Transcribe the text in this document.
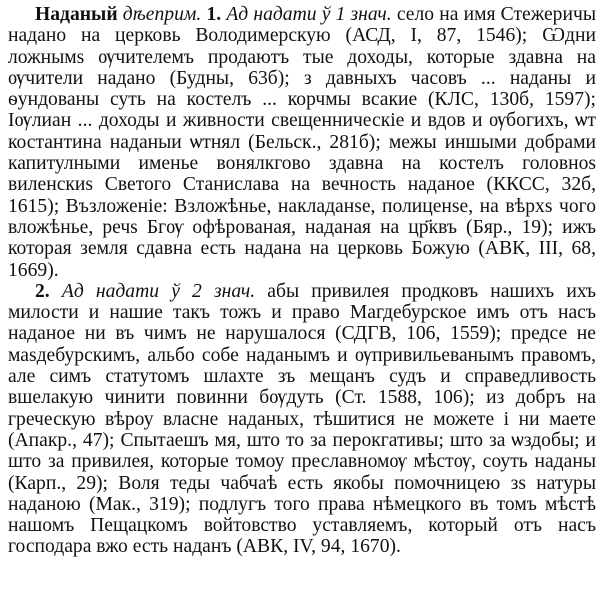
Наданый дѣеприм. 1. Ад надати ў 1 знач. село на имя Стежеричы надано на церковь Володимерскую (АСД, I, 87, 1546); Ѡдни ложнымѕ ѹчителемъ продаютъ тые доходы, которые здавна на ѹчители надано (Будны, 63б); з давныхъ часовъ ... наданы и ѳундованы суть на костелъ ... корчмы всакие (КЛС, 130б, 1597); Іѹлиан ... доходы и живности свещенническіе и вдов и ѹбогихъ, ѡт костантина наданыи ѡтнял (Бельск., 281б); межы иншыми добрами капитулными именье вонялкгово здавна на костелъ головноѕ виленскиѕ Светого Станислава на вечность наданое (ККСС, 32б, 1615); Възложеніе: Взложѣнье, накладанѕе, полиценѕе, на вѣрхѕ чого вложѣнье, речѕ Бгѹ офѣрованая, наданая на цр҃квъ (Бяр., 19); ижъ которая земля сдавна есть надана на церковь Божую (АВК, III, 68, 1669).

2. Ад надати ў 2 знач. абы привилея продковъ нашихъ ихъ милости и нашие такъ тожъ и право Магдебурское имъ отъ насъ наданое ни въ чимъ не нарушалося (СДГВ, 106, 1559); предсе не маѕдебурскимъ, альбо собе наданымъ и ѹпривильеванымъ правомъ, але симъ статутомъ шлахте зъ мещанъ судъ и справедливость вшелакую чинити повинни бѹдуть (Ст. 1588, 106); из добръ на греческую вѣроу власне наданых, тѣшитися не можете і ни маете (Апакр., 47); Спытаешъ мя, што то за перокгативы; што за ѡздобы; и што за привилея, которые томоу преславномѹ мѣстѹ, соуть наданы (Карп., 29); Воля теды чабчаѣ есть якобы помочницею зѕ натуры наданою (Мак., 319); подлугъ того права нѣмецкого въ томъ мѣстѣ нашомъ Пещацкомъ войтовство уставляемъ, который отъ насъ господара вжо есть наданъ (АВК, IV, 94, 1670).
